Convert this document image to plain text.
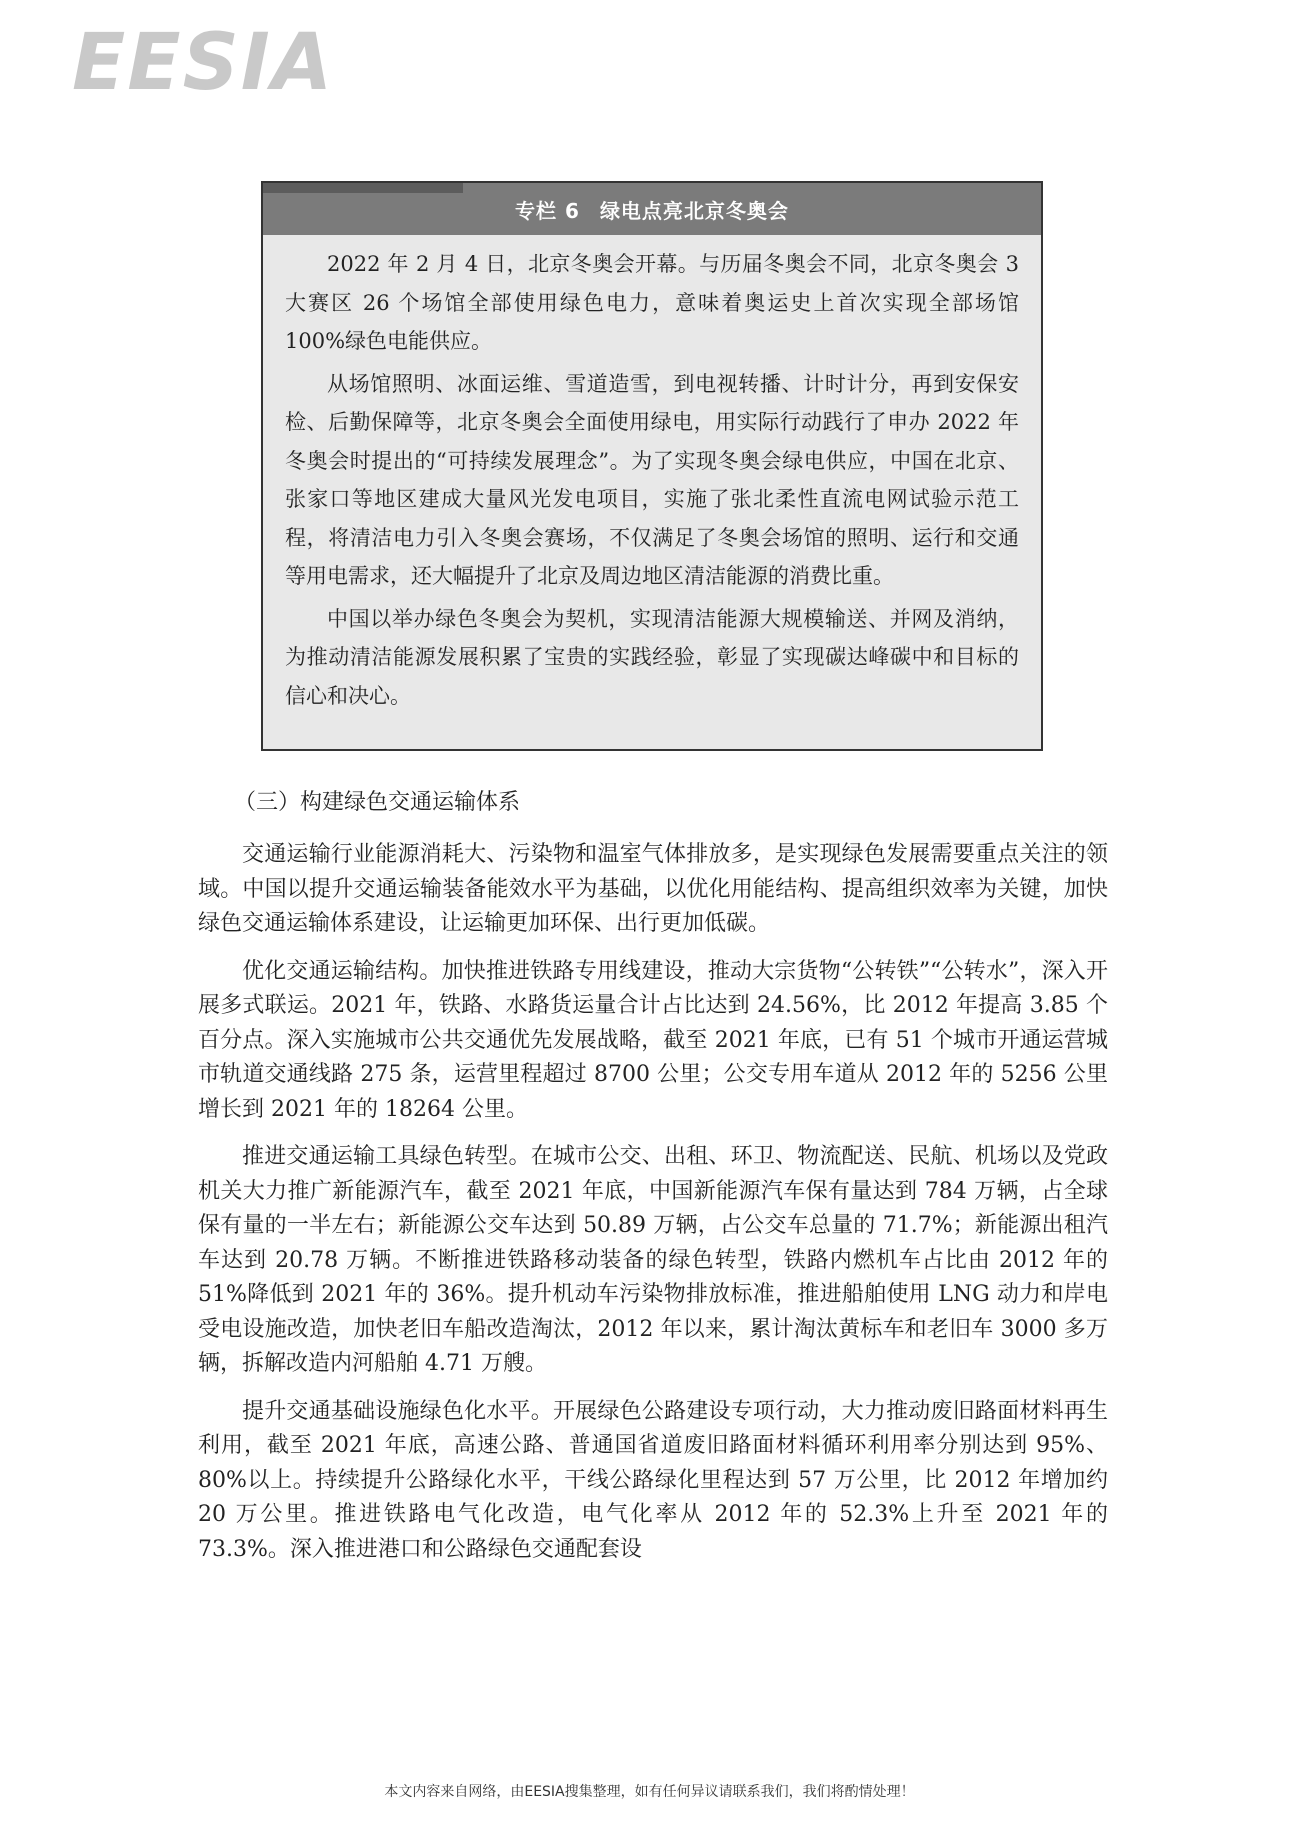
EESIA
专栏 6 绿电点亮北京冬奥会

2022 年 2 月 4 日，北京冬奥会开幕。与历届冬奥会不同，北京冬奥会 3 大赛区 26 个场馆全部使用绿色电力，意味着奥运史上首次实现全部场馆 100%绿色电能供应。

从场馆照明、冰面运维、雪道造雪，到电视转播、计时计分，再到安保安检、后勤保障等，北京冬奥会全面使用绿电，用实际行动践行了申办 2022 年冬奥会时提出的“可持续发展理念”。为了实现冬奥会绿电供应，中国在北京、张家口等地区建成大量风光发电项目，实施了张北柔性直流电网试验示范工程，将清洁电力引入冬奥会赛场，不仅满足了冬奥会场馆的照明、运行和交通等用电需求，还大幅提升了北京及周边地区清洁能源的消费比重。

中国以举办绿色冬奥会为契机，实现清洁能源大规模输送、并网及消纳，为推动清洁能源发展积累了宝贵的实践经验，彰显了实现碳达峰碳中和目标的信心和决心。

（三）构建绿色交通运输体系

交通运输行业能源消耗大、污染物和温室气体排放多，是实现绿色发展需要重点关注的领域。中国以提升交通运输装备能效水平为基础，以优化用能结构、提高组织效率为关键，加快绿色交通运输体系建设，让运输更加环保、出行更加低碳。

优化交通运输结构。加快推进铁路专用线建设，推动大宗货物“公转铁”“公转水”，深入开展多式联运。2021 年，铁路、水路货运量合计占比达到 24.56%，比 2012 年提高 3.85 个百分点。深入实施城市公共交通优先发展战略，截至 2021 年底，已有 51 个城市开通运营城市轨道交通线路 275 条，运营里程超过 8700 公里；公交专用车道从 2012 年的 5256 公里增长到 2021 年的 18264 公里。

推进交通运输工具绿色转型。在城市公交、出租、环卫、物流配送、民航、机场以及党政机关大力推广新能源汽车，截至 2021 年底，中国新能源汽车保有量达到 784 万辆，占全球保有量的一半左右；新能源公交车达到 50.89 万辆，占公交车总量的 71.7%；新能源出租汽车达到 20.78 万辆。不断推进铁路移动装备的绿色转型，铁路内燃机车占比由 2012 年的 51%降低到 2021 年的 36%。提升机动车污染物排放标准，推进船舶使用 LNG 动力和岸电受电设施改造，加快老旧车船改造淘汰，2012 年以来，累计淘汰黄标车和老旧车 3000 多万辆，拆解改造内河船舶 4.71 万艘。

提升交通基础设施绿色化水平。开展绿色公路建设专项行动，大力推动废旧路面材料再生利用，截至 2021 年底，高速公路、普通国省道废旧路面材料循环利用率分别达到 95%、80%以上。持续提升公路绿化水平，干线公路绿化里程达到 57 万公里，比 2012 年增加约 20 万公里。推进铁路电气化改造，电气化率从 2012 年的 52.3%上升至 2021 年的 73.3%。深入推进港口和公路绿色交通配套设

本文内容来自网络，由EESIA搜集整理，如有任何异议请联系我们，我们将酌情处理！
